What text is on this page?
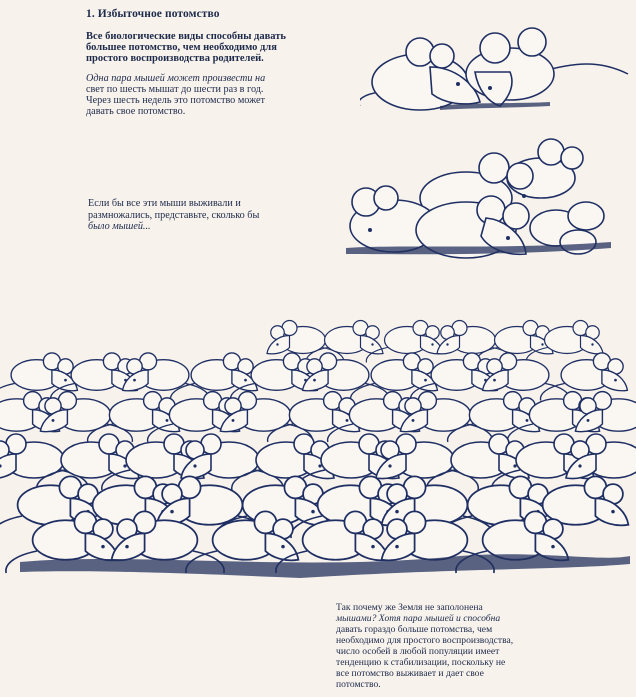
1. Избыточное потомство
Все биологические виды способны давать
большее потомство, чем необходимо для
простого воспроизводства родителей.
Одна пара мышей может произвести на
свет по шесть мышат до шести раз в год.
Через шесть недель это потомство может
давать свое потомство.
Если бы все эти мыши выживали и
размножались, представьте, сколько бы
было мышей...
Так почему же Земля не заполонена
мышами? Хотя пара мышей и способна
давать гораздо больше потомства, чем
необходимо для простого воспроизводства,
число особей в любой популяции имеет
тенденцию к стабилизации, поскольку не
все потомство выживает и дает свое
потомство.
